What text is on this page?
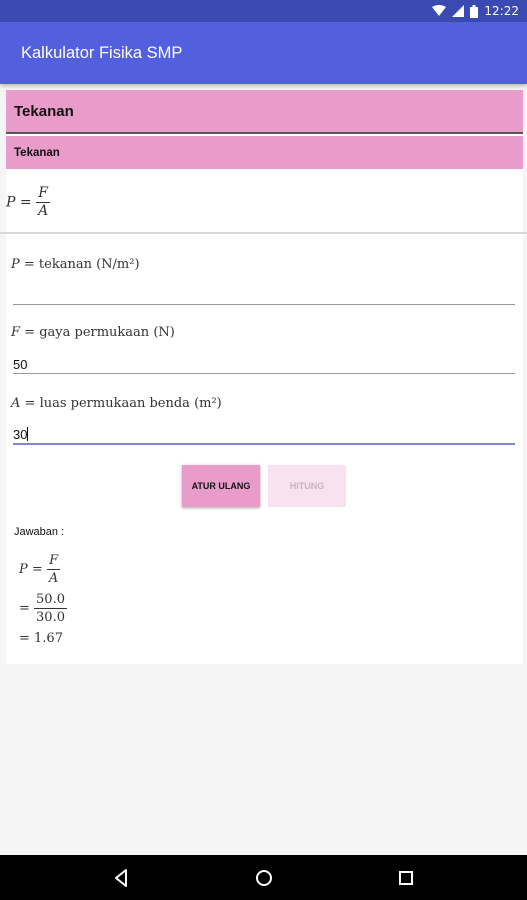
12:22
Kalkulator Fisika SMP
Tekanan
Tekanan
$P = \frac{F}{A}$
P = tekanan (N/m²)
F = gaya permukaan (N)
50
A = luas permukaan benda (m²)
30
ATUR ULANG	HITUNG
Jawaban :
$P = \frac{F}{A}$
= $\frac{50.0}{30.0}$
= 1.67
